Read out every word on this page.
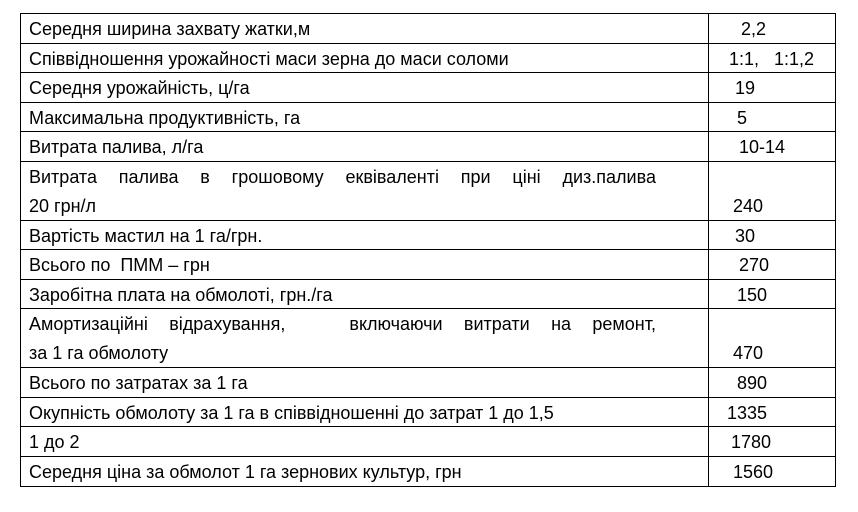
Середня ширина захвату жатки,м	2,2
Співвідношення урожайності маси зерна до маси соломи	1:1,   1:1,2
Середня урожайність, ц/га	19
Максимальна продуктивність, га	5
Витрата палива, л/га	10-14
Витрата палива в грошовому еквіваленті при ціні диз.палива
20 грн/л	240
Вартість мастил на 1 га/грн.	30
Всього по  ПММ – грн	270
Заробітна плата на обмолоті, грн./га	150
Амортизаційні відрахування,   включаючи витрати на ремонт,
за 1 га обмолоту	470
Всього по затратах за 1 га	890
Окупність обмолоту за 1 га в співвідношенні до затрат 1 до 1,5	1335
1 до 2	1780
Середня ціна за обмолот 1 га зернових культур, грн	1560
